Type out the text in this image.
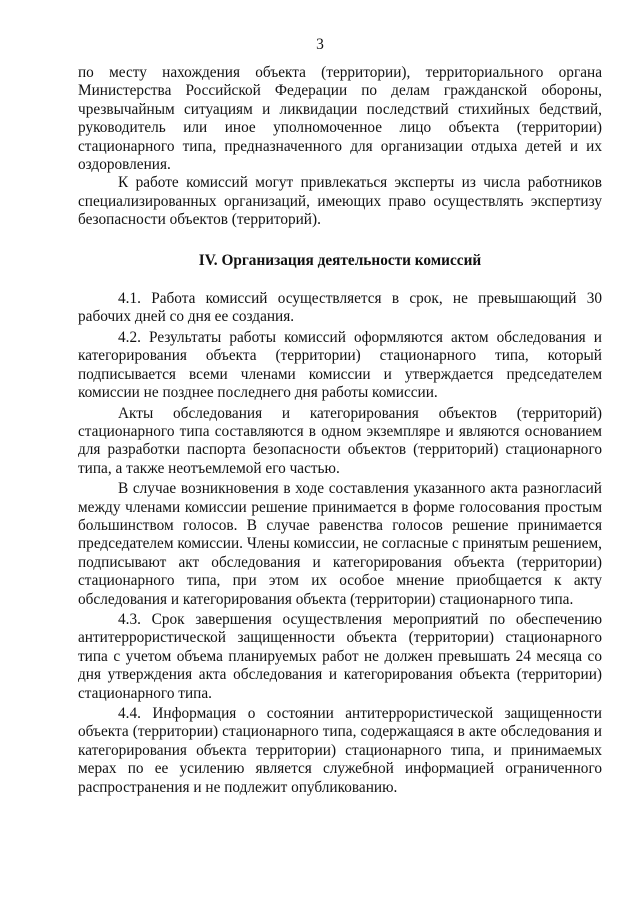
3

по месту нахождения объекта (территории), территориального органа Министерства Российской Федерации по делам гражданской обороны, чрезвычайным ситуациям и ликвидации последствий стихийных бедствий, руководитель или иное уполномоченное лицо объекта (территории) стационарного типа, предназначенного для организации отдыха детей и их оздоровления.

К работе комиссий могут привлекаться эксперты из числа работников специализированных организаций, имеющих право осуществлять экспертизу безопасности объектов (территорий).

IV. Организация деятельности комиссий

4.1. Работа комиссий осуществляется в срок, не превышающий 30 рабочих дней со дня ее создания.

4.2. Результаты работы комиссий оформляются актом обследования и категорирования объекта (территории) стационарного типа, который подписывается всеми членами комиссии и утверждается председателем комиссии не позднее последнего дня работы комиссии.

Акты обследования и категорирования объектов (территорий) стационарного типа составляются в одном экземпляре и являются основанием для разработки паспорта безопасности объектов (территорий) стационарного типа, а также неотъемлемой его частью.

В случае возникновения в ходе составления указанного акта разногласий между членами комиссии решение принимается в форме голосования простым большинством голосов. В случае равенства голосов решение принимается председателем комиссии. Члены комиссии, не согласные с принятым решением, подписывают акт обследования и категорирования объекта (территории) стационарного типа, при этом их особое мнение приобщается к акту обследования и категорирования объекта (территории) стационарного типа.

4.3. Срок завершения осуществления мероприятий по обеспечению антитеррористической защищенности объекта (территории) стационарного типа с учетом объема планируемых работ не должен превышать 24 месяца со дня утверждения акта обследования и категорирования объекта (территории) стационарного типа.

4.4. Информация о состоянии антитеррористической защищенности объекта (территории) стационарного типа, содержащаяся в акте обследования и категорирования объекта территории) стационарного типа, и принимаемых мерах по ее усилению является служебной информацией ограниченного распространения и не подлежит опубликованию.
